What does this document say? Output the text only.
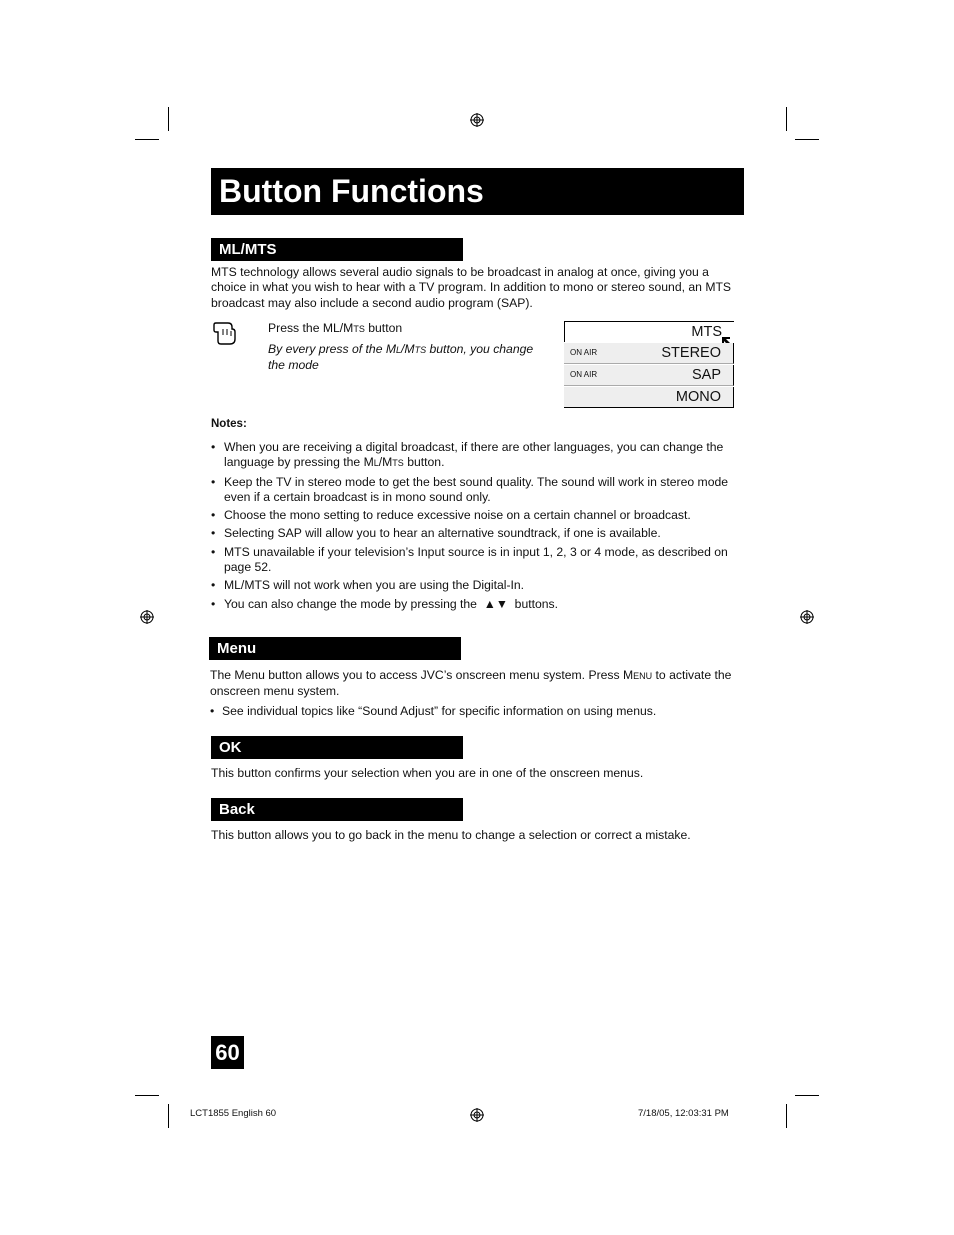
Button Functions
ML/MTS
MTS technology allows several audio signals to be broadcast in analog at once, giving you a choice in what you wish to hear with a TV program. In addition to mono or stereo sound, an MTS broadcast may also include a second audio program (SAP).
Press the ML/MTS button
By every press of the ML/MTS button, you change the mode
MTS
ON AIR	STEREO
ON AIR	SAP
MONO
Notes:
• When you are receiving a digital broadcast, if there are other languages, you can change the language by pressing the ML/MTS button.
• Keep the TV in stereo mode to get the best sound quality. The sound will work in stereo mode even if a certain broadcast is in mono sound only.
• Choose the mono setting to reduce excessive noise on a certain channel or broadcast.
• Selecting SAP will allow you to hear an alternative soundtrack, if one is available.
• MTS unavailable if your television’s Input source is in input 1, 2, 3 or 4 mode, as described on page 52.
• ML/MTS will not work when you are using the Digital-In.
• You can also change the mode by pressing the ▲▼ buttons.
Menu
The Menu button allows you to access JVC’s onscreen menu system. Press MENU to activate the onscreen menu system.
• See individual topics like “Sound Adjust” for specific information on using menus.
OK
This button confirms your selection when you are in one of the onscreen menus.
Back
This button allows you to go back in the menu to change a selection or correct a mistake.
60
LCT1855 English 60	7/18/05, 12:03:31 PM
